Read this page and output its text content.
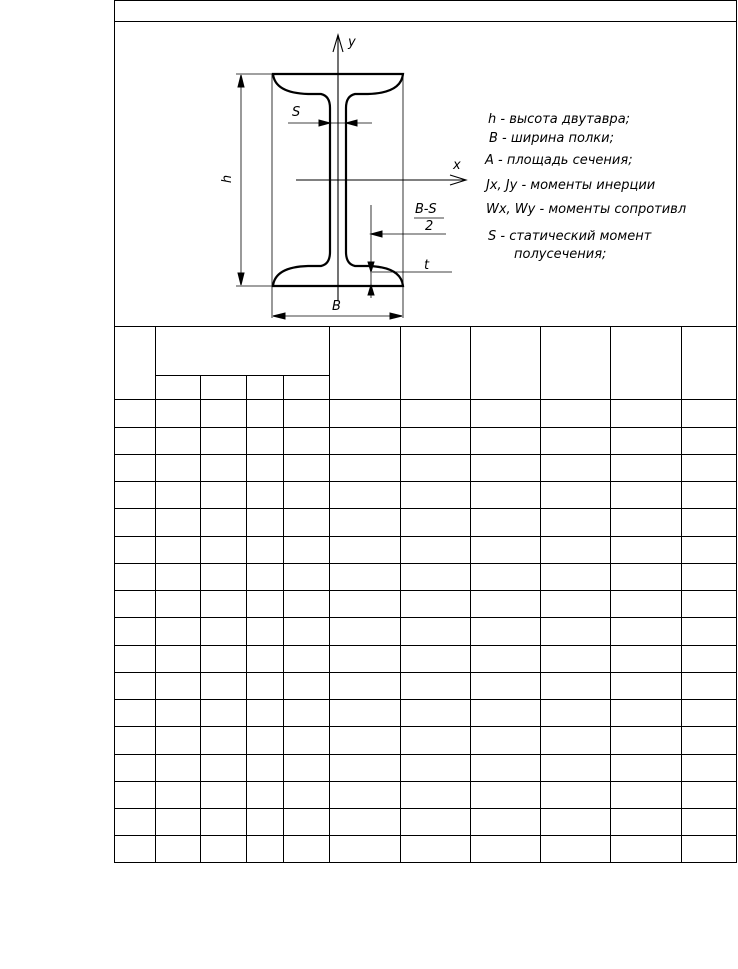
y
x
h
S
t
B
B-S
2
h - высота двутавра;
B - ширина полки;
A - площадь сечения;
Jx, Jy - моменты инерции
Wx, Wy - моменты сопротивл
S - статический момент
полусечения;
